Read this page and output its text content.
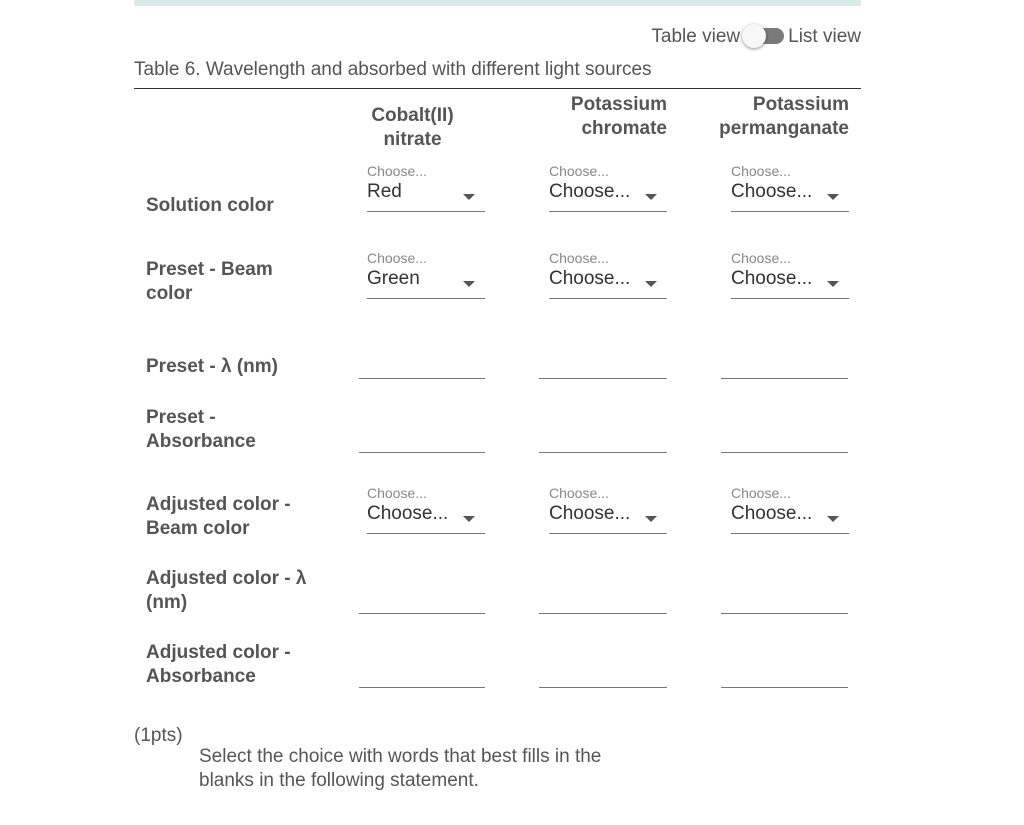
Table view	List view
Table 6. Wavelength and absorbed with different light sources
Cobalt(II) nitrate
Potassium chromate
Potassium permanganate
Solution color
Choose...
Red
Choose...
Choose...
Choose...
Choose...
Preset - Beam color
Choose...
Green
Choose...
Choose...
Choose...
Choose...
Preset - λ (nm)
Preset - Absorbance
Adjusted color - Beam color
Choose...
Choose...
Choose...
Choose...
Choose...
Choose...
Adjusted color - λ (nm)
Adjusted color - Absorbance
(1pts)
Select the choice with words that best fills in the blanks in the following statement.
